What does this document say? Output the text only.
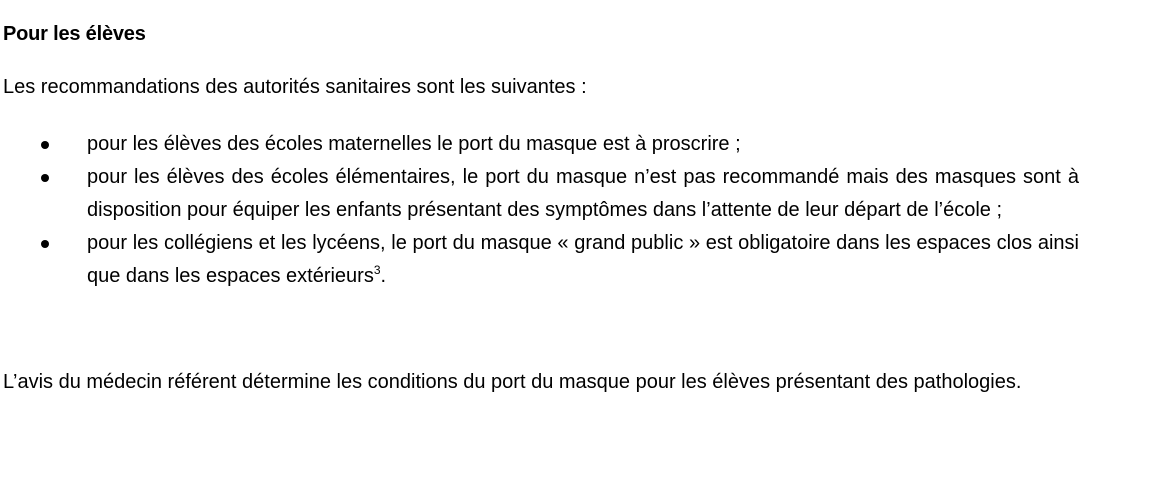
Pour les élèves
Les recommandations des autorités sanitaires sont les suivantes :
pour les élèves des écoles maternelles le port du masque est à proscrire ;
pour les élèves des écoles élémentaires, le port du masque n’est pas recommandé mais des masques sont à disposition pour équiper les enfants présentant des symptômes dans l’attente de leur départ de l’école ;
pour les collégiens et les lycéens, le port du masque « grand public » est obligatoire dans les espaces clos ainsi que dans les espaces extérieurs$^3$.
L’avis du médecin référent détermine les conditions du port du masque pour les élèves présentant des pathologies.
